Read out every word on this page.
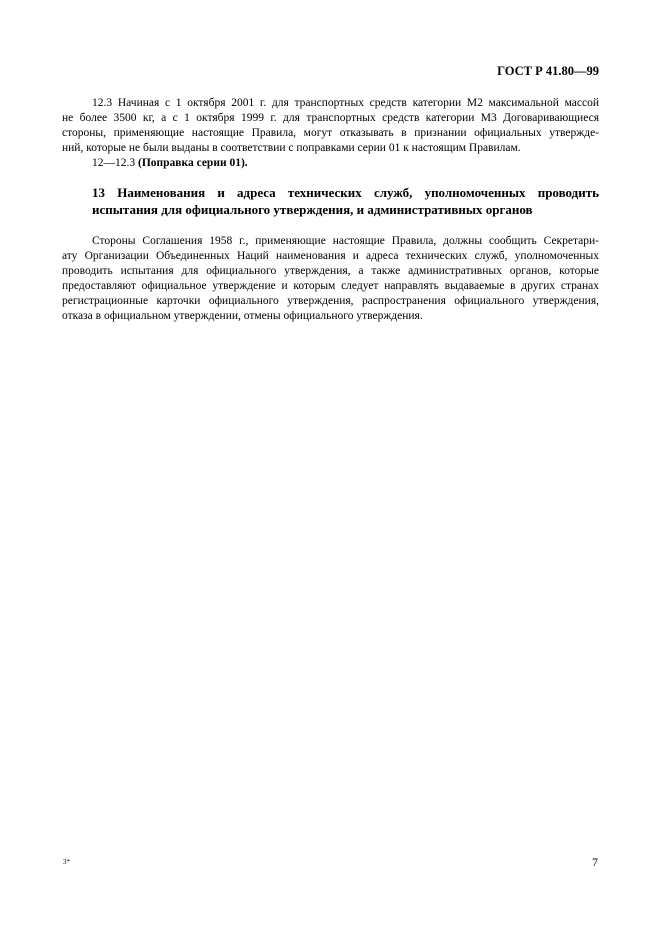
ГОСТ Р 41.80—99
12.3 Начиная с 1 октября 2001 г. для транспортных средств категории М2 максимальной массой
не более 3500 кг, а с 1 октября 1999 г. для транспортных средств категории М3 Договаривающиеся
стороны, применяющие настоящие Правила, могут отказывать в признании официальных утвержде-
ний, которые не были выданы в соответствии с поправками серии 01 к настоящим Правилам.
12—12.3 (Поправка серии 01).
13 Наименования и адреса технических служб, уполномоченных проводить
испытания для официального утверждения, и административных органов
Стороны Соглашения 1958 г., применяющие настоящие Правила, должны сообщить Секретари-
ату Организации Объединенных Наций наименования и адреса технических служб, уполномоченных
проводить испытания для официального утверждения, а также административных органов, которые
предоставляют официальное утверждение и которым следует направлять выдаваемые в других странах
регистрационные карточки официального утверждения, распространения официального утверждения,
отказа в официальном утверждении, отмены официального утверждения.
3*	7
